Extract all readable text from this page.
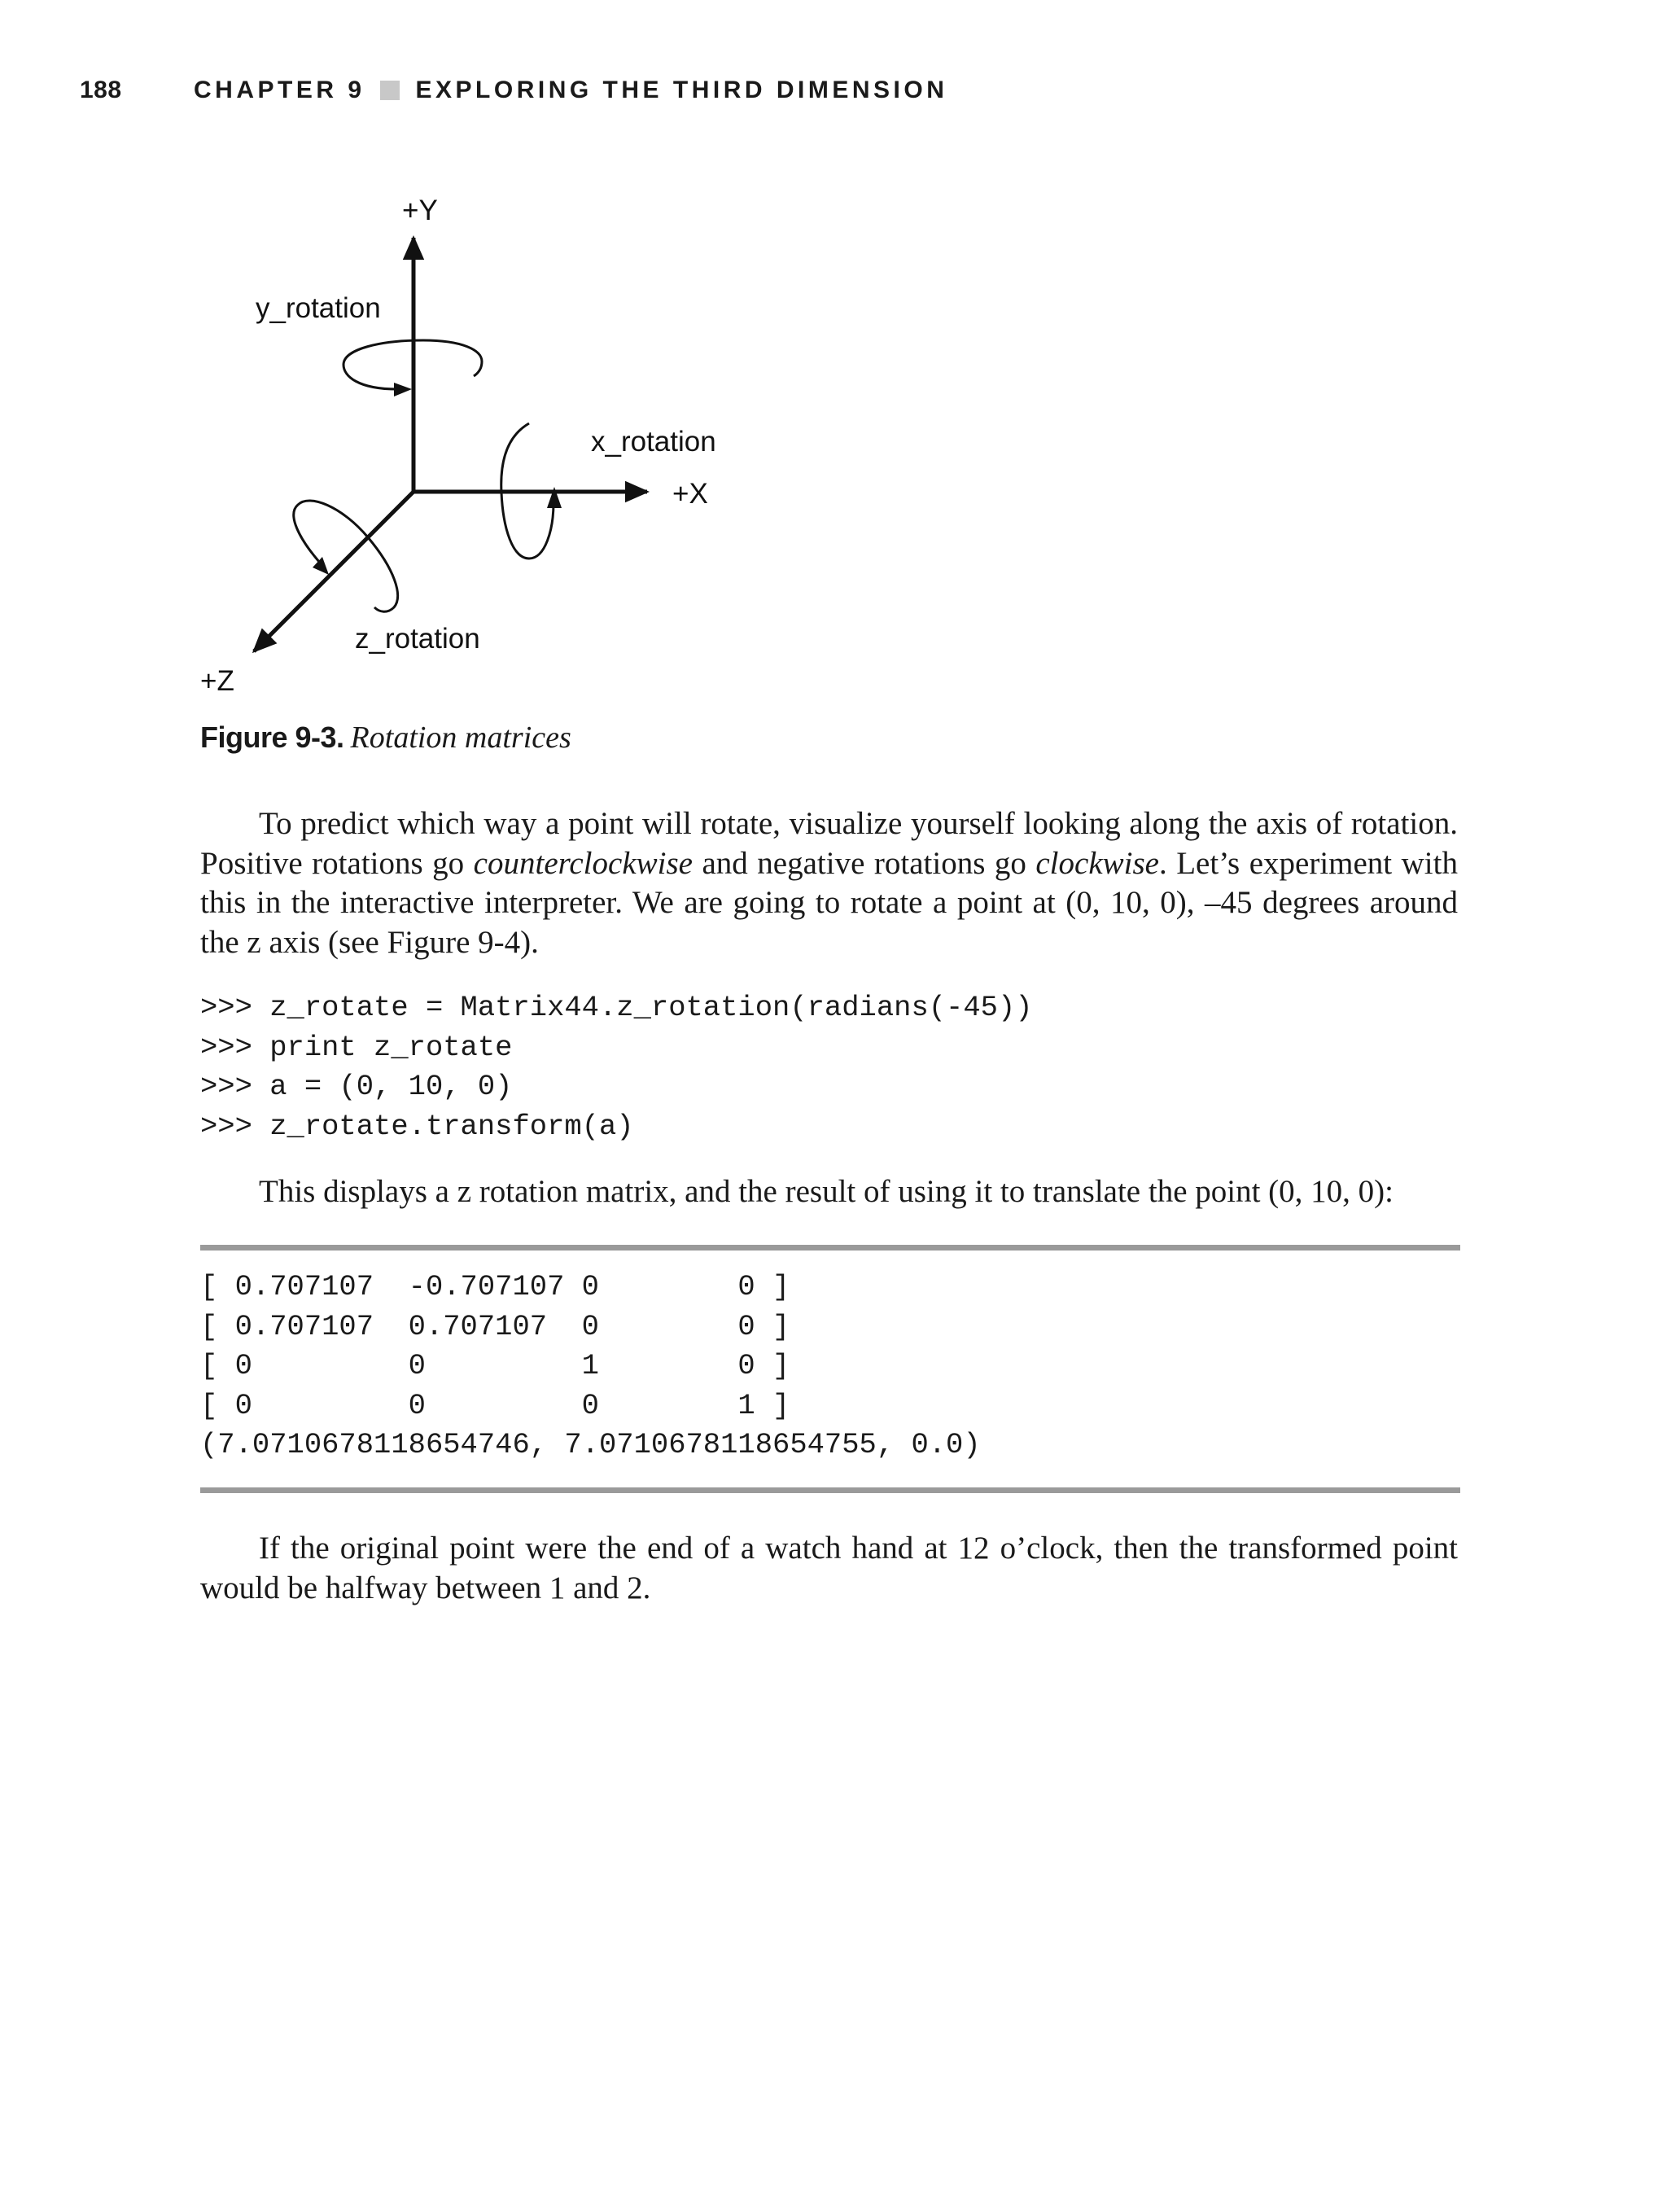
188	CHAPTER 9 EXPLORING THE THIRD DIMENSION
+Y
y_rotation
x_rotation
+X
z_rotation
+Z
Figure 9-3. Rotation matrices

To predict which way a point will rotate, visualize yourself looking along the axis of rotation. Positive rotations go counterclockwise and negative rotations go clockwise. Let’s experiment with this in the interactive interpreter. We are going to rotate a point at (0, 10, 0), –45 degrees around the z axis (see Figure 9-4).

>>> z_rotate = Matrix44.z_rotation(radians(-45))
>>> print z_rotate
>>> a = (0, 10, 0)
>>> z_rotate.transform(a)

This displays a z rotation matrix, and the result of using it to translate the point (0, 10, 0):

[ 0.707107  -0.707107 0        0 ]
[ 0.707107  0.707107  0        0 ]
[ 0         0         1        0 ]
[ 0         0         0        1 ]
(7.0710678118654746, 7.0710678118654755, 0.0)

If the original point were the end of a watch hand at 12 o’clock, then the transformed point would be halfway between 1 and 2.
